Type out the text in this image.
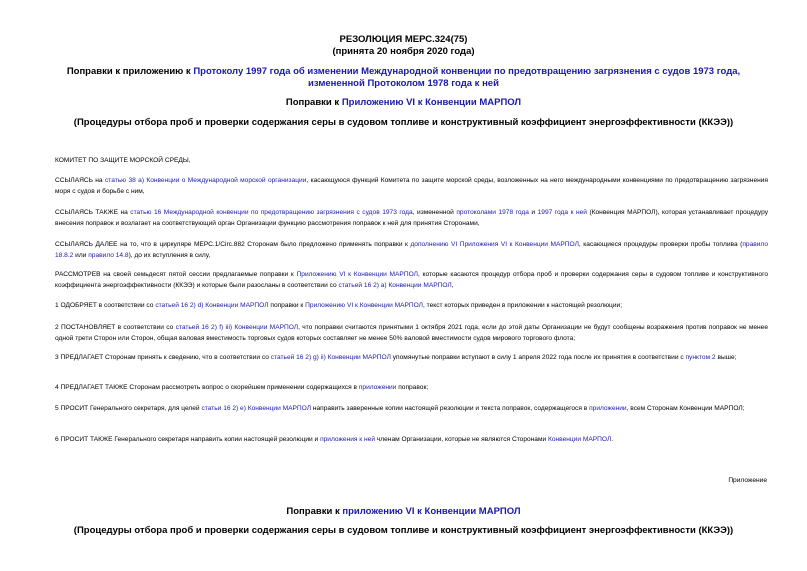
РЕЗОЛЮЦИЯ МЕРС.324(75)
(принята 20 ноября 2020 года)
Поправки к приложению к Протоколу 1997 года об изменении Международной конвенции по предотвращению загрязнения с судов 1973 года, измененной Протоколом 1978 года к ней
Поправки к Приложению VI к Конвенции МАРПОЛ
(Процедуры отбора проб и проверки содержания серы в судовом топливе и конструктивный коэффициент энергоэффективности (ККЭЭ))
КОМИТЕТ ПО ЗАЩИТЕ МОРСКОЙ СРЕДЫ,
ССЫЛАЯСЬ на статью 38 а) Конвенции о Международной морской организации, касающуюся функций Комитета по защите морской среды, возложенных на него международными конвенциями по предотвращению загрязнения моря с судов и борьбе с ним,
ССЫЛАЯСЬ ТАКЖЕ на статью 16 Международной конвенции по предотвращению загрязнения с судов 1973 года, измененной протоколами 1978 года и 1997 года к ней (Конвенция МАРПОЛ), которая устанавливает процедуру внесения поправок и возлагает на соответствующий орган Организации функцию рассмотрения поправок к ней для принятия Сторонами,
ССЫЛАЯСЬ ДАЛЕЕ на то, что в циркуляре МЕРС.1/Circ.882 Сторонам было предложено применять поправки к дополнению VI Приложения VI к Конвенции МАРПОЛ, касающиеся процедуры проверки пробы топлива (правило 18.8.2 или правило 14.8), до их вступления в силу,
РАССМОТРЕВ на своей семьдесят пятой сессии предлагаемые поправки к Приложению VI к Конвенции МАРПОЛ, которые касаются процедур отбора проб и проверки содержания серы в судовом топливе и конструктивного коэффициента энергоэффективности (ККЭЭ) и которые были разосланы в соответствии со статьей 16 2) а) Конвенции МАРПОЛ,
1 ОДОБРЯЕТ в соответствии со статьей 16 2) d) Конвенции МАРПОЛ поправки к Приложению VI к Конвенции МАРПОЛ, текст которых приведен в приложении к настоящей резолюции;
2 ПОСТАНОВЛЯЕТ в соответствии со статьей 16 2) f) iii) Конвенции МАРПОЛ, что поправки считаются принятыми 1 октября 2021 года, если до этой даты Организации не будут сообщены возражения против поправок не менее одной трети Сторон или Сторон, общая валовая вместимость торговых судов которых составляет не менее 50% валовой вместимости судов мирового торгового флота;
3 ПРЕДЛАГАЕТ Сторонам принять к сведению, что в соответствии со статьей 16 2) g) ii) Конвенции МАРПОЛ упомянутые поправки вступают в силу 1 апреля 2022 года после их принятия в соответствии с пунктом 2 выше;
4 ПРЕДЛАГАЕТ ТАКЖЕ Сторонам рассмотреть вопрос о скорейшем применении содержащихся в приложении поправок;
5 ПРОСИТ Генерального секретаря, для целей статьи 16 2) е) Конвенции МАРПОЛ направить заверенные копии настоящей резолюции и текста поправок, содержащегося в приложении, всем Сторонам Конвенции МАРПОЛ;
6 ПРОСИТ ТАКЖЕ Генерального секретаря направить копии настоящей резолюции и приложения к ней членам Организации, которые не являются Сторонами Конвенции МАРПОЛ.
Приложение
Поправки к приложению VI к Конвенции МАРПОЛ
(Процедуры отбора проб и проверки содержания серы в судовом топливе и конструктивный коэффициент энергоэффективности (ККЭЭ))
